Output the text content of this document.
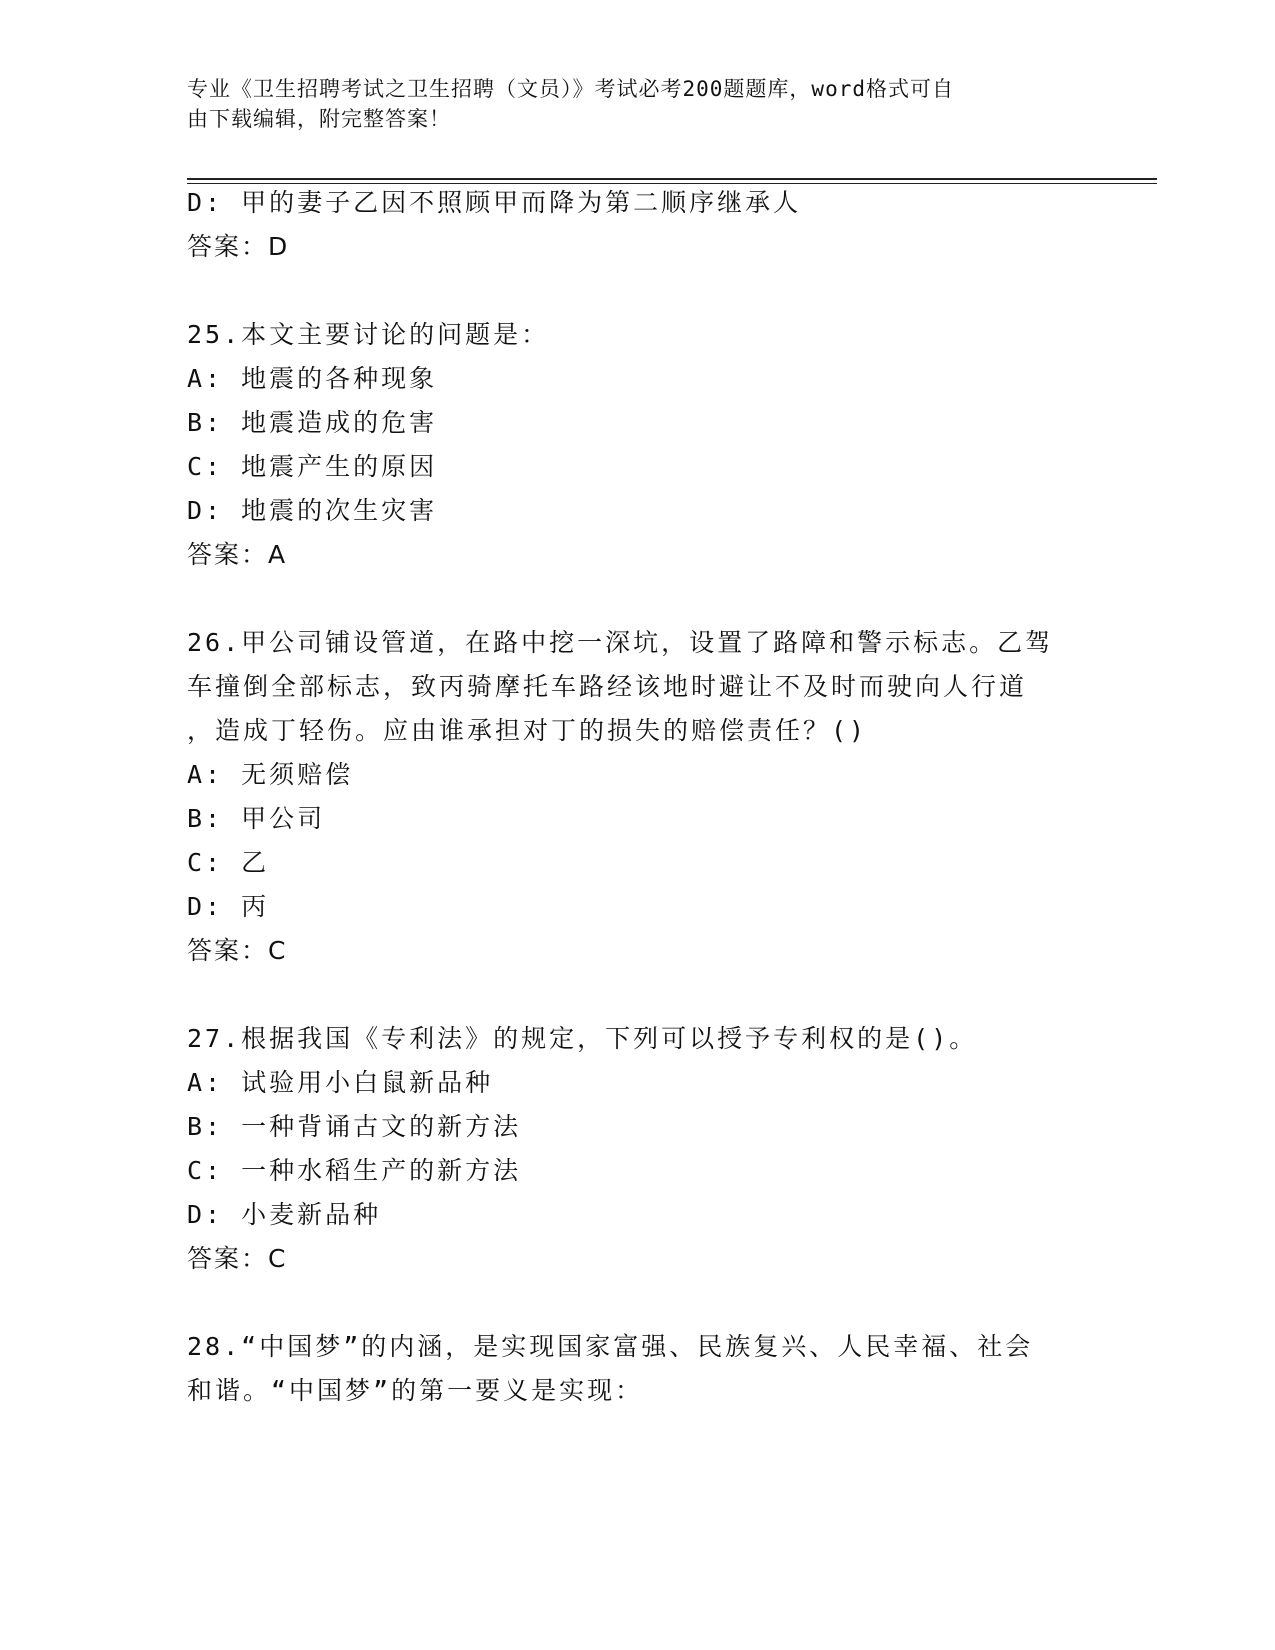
专业《卫生招聘考试之卫生招聘（文员）》考试必考200题题库，word格式可自
由下载编辑，附完整答案！
D: 甲的妻子乙因不照顾甲而降为第二顺序继承人
答案：D
25.本文主要讨论的问题是：
A: 地震的各种现象
B: 地震造成的危害
C: 地震产生的原因
D: 地震的次生灾害
答案：A
26.甲公司铺设管道，在路中挖一深坑，设置了路障和警示标志。乙驾
车撞倒全部标志，致丙骑摩托车路经该地时避让不及时而驶向人行道
，造成丁轻伤。应由谁承担对丁的损失的赔偿责任？()
A: 无须赔偿
B: 甲公司
C: 乙
D: 丙
答案：C
27.根据我国《专利法》的规定，下列可以授予专利权的是()。
A: 试验用小白鼠新品种
B: 一种背诵古文的新方法
C: 一种水稻生产的新方法
D: 小麦新品种
答案：C
28.“中国梦”的内涵，是实现国家富强、民族复兴、人民幸福、社会
和谐。“中国梦”的第一要义是实现：
